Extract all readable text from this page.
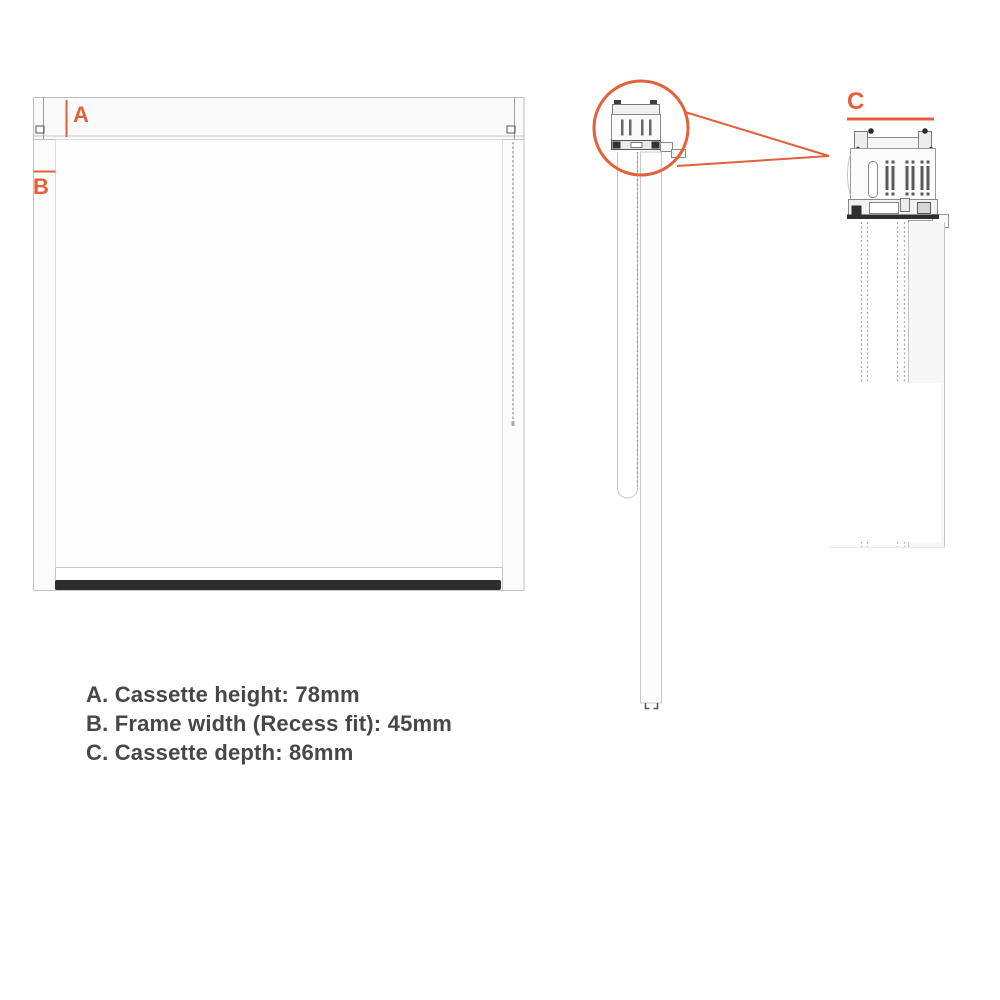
A
B
C
A. Cassette height: 78mm
B. Frame width (Recess fit): 45mm
C. Cassette depth: 86mm
